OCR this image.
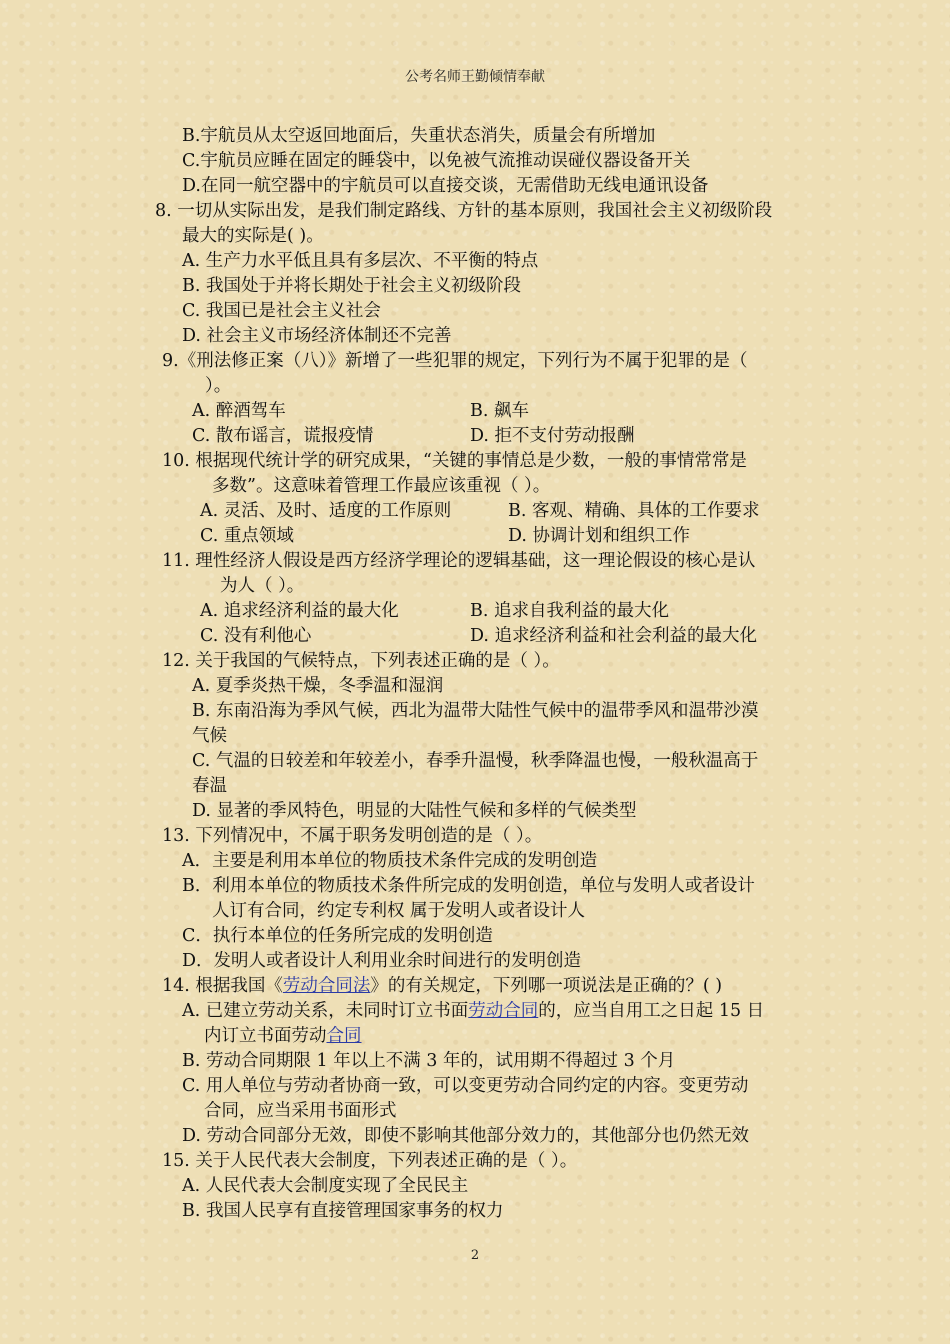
公考名师王勤倾情奉献
B.宇航员从太空返回地面后，失重状态消失，质量会有所增加
C.宇航员应睡在固定的睡袋中，以免被气流推动误碰仪器设备开关
D.在同一航空器中的宇航员可以直接交谈，无需借助无线电通讯设备
8. 一切从实际出发，是我们制定路线、方针的基本原则，我国社会主义初级阶段
最大的实际是( )。
A. 生产力水平低且具有多层次、不平衡的特点
B. 我国处于并将长期处于社会主义初级阶段
C. 我国已是社会主义社会
D. 社会主义市场经济体制还不完善
9.《刑法修正案（八）》新增了一些犯罪的规定，下列行为不属于犯罪的是（
）。
A. 醉酒驾车	B. 飙车
C. 散布谣言，谎报疫情	D. 拒不支付劳动报酬
10. 根据现代统计学的研究成果，“关键的事情总是少数，一般的事情常常是
多数”。这意味着管理工作最应该重视（ ）。
A. 灵活、及时、适度的工作原则	B. 客观、精确、具体的工作要求
C. 重点领域	D. 协调计划和组织工作
11. 理性经济人假设是西方经济学理论的逻辑基础，这一理论假设的核心是认
为人（ ）。
A. 追求经济利益的最大化	B. 追求自我利益的最大化
C. 没有利他心	D. 追求经济利益和社会利益的最大化
12. 关于我国的气候特点，下列表述正确的是（ ）。
A. 夏季炎热干燥，冬季温和湿润
B. 东南沿海为季风气候，西北为温带大陆性气候中的温带季风和温带沙漠
气候
C. 气温的日较差和年较差小，春季升温慢，秋季降温也慢，一般秋温高于
春温
D. 显著的季风特色，明显的大陆性气候和多样的气候类型
13. 下列情况中，不属于职务发明创造的是（ ）。
A．主要是利用本单位的物质技术条件完成的发明创造
B．利用本单位的物质技术条件所完成的发明创造，单位与发明人或者设计
人订有合同，约定专利权 属于发明人或者设计人
C．执行本单位的任务所完成的发明创造
D．发明人或者设计人利用业余时间进行的发明创造
14. 根据我国《劳动合同法》的有关规定，下列哪一项说法是正确的？( )
A. 已建立劳动关系，未同时订立书面劳动合同的，应当自用工之日起 15 日
内订立书面劳动合同
B. 劳动合同期限 1 年以上不满 3 年的，试用期不得超过 3 个月
C. 用人单位与劳动者协商一致，可以变更劳动合同约定的内容。变更劳动
合同，应当采用书面形式
D. 劳动合同部分无效，即使不影响其他部分效力的，其他部分也仍然无效
15. 关于人民代表大会制度，下列表述正确的是（ ）。
A. 人民代表大会制度实现了全民民主
B. 我国人民享有直接管理国家事务的权力
2
